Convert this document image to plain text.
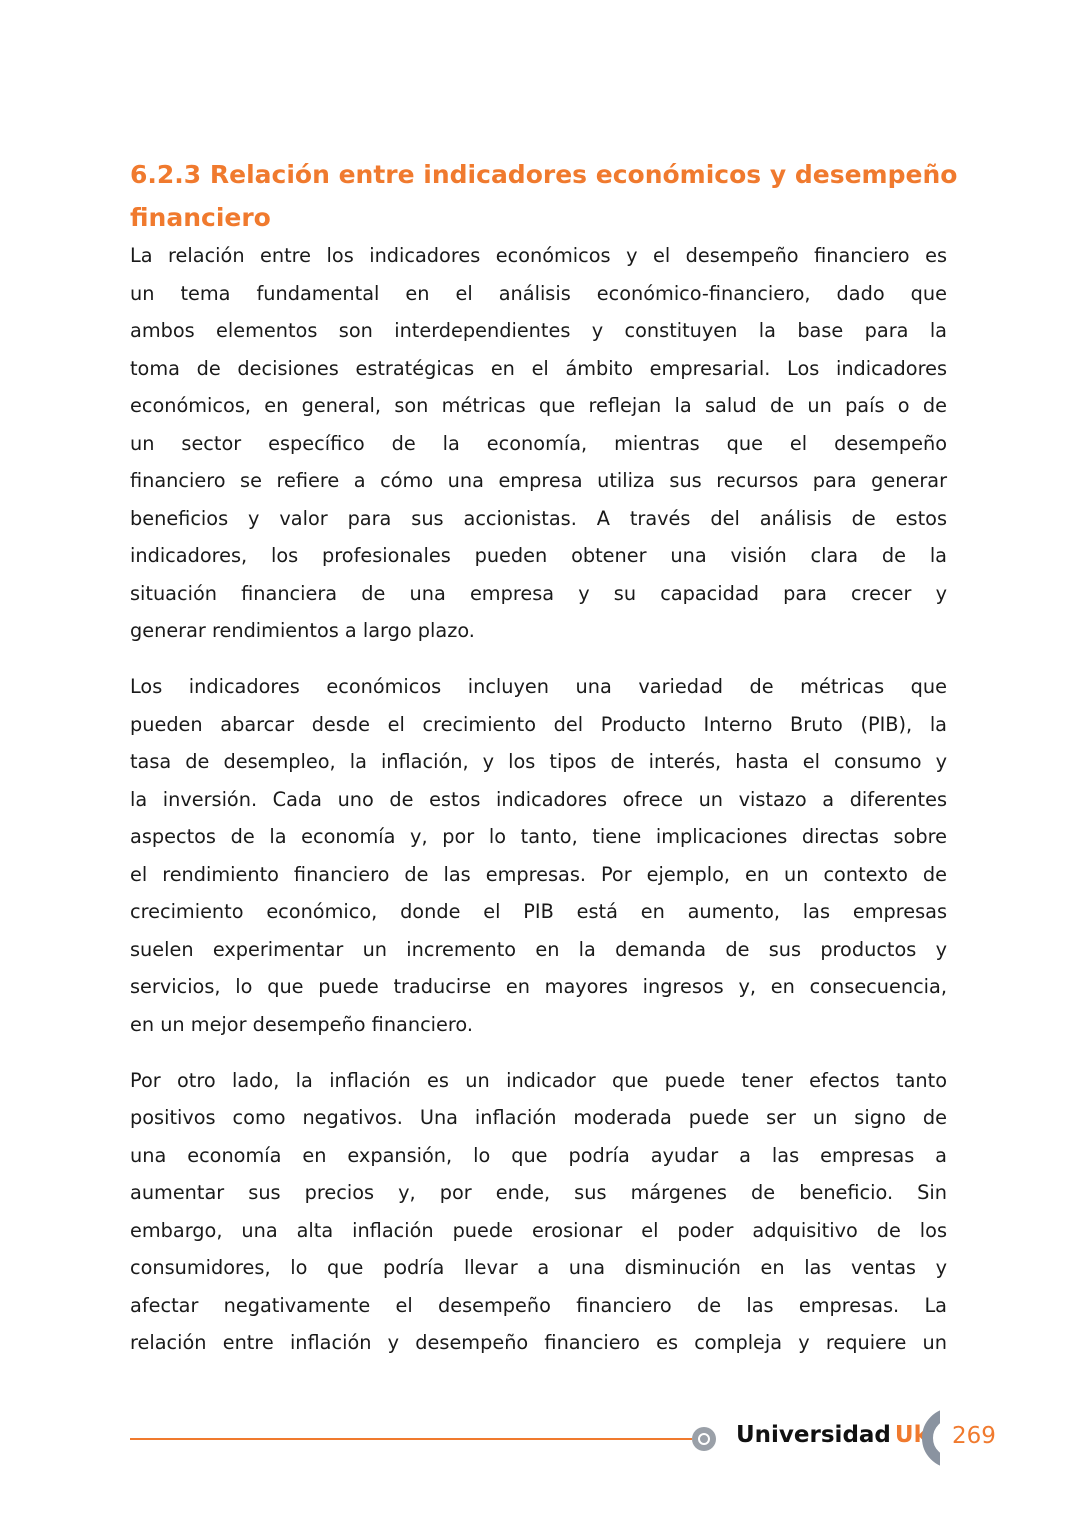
6.2.3 Relación entre indicadores económicos y desempeño
financiero
La relación entre los indicadores económicos y el desempeño financiero es
un tema fundamental en el análisis económico-financiero, dado que
ambos elementos son interdependientes y constituyen la base para la
toma de decisiones estratégicas en el ámbito empresarial. Los indicadores
económicos, en general, son métricas que reflejan la salud de un país o de
un sector específico de la economía, mientras que el desempeño
financiero se refiere a cómo una empresa utiliza sus recursos para generar
beneficios y valor para sus accionistas. A través del análisis de estos
indicadores, los profesionales pueden obtener una visión clara de la
situación financiera de una empresa y su capacidad para crecer y
generar rendimientos a largo plazo.
Los indicadores económicos incluyen una variedad de métricas que
pueden abarcar desde el crecimiento del Producto Interno Bruto (PIB), la
tasa de desempleo, la inflación, y los tipos de interés, hasta el consumo y
la inversión. Cada uno de estos indicadores ofrece un vistazo a diferentes
aspectos de la economía y, por lo tanto, tiene implicaciones directas sobre
el rendimiento financiero de las empresas. Por ejemplo, en un contexto de
crecimiento económico, donde el PIB está en aumento, las empresas
suelen experimentar un incremento en la demanda de sus productos y
servicios, lo que puede traducirse en mayores ingresos y, en consecuencia,
en un mejor desempeño financiero.
Por otro lado, la inflación es un indicador que puede tener efectos tanto
positivos como negativos. Una inflación moderada puede ser un signo de
una economía en expansión, lo que podría ayudar a las empresas a
aumentar sus precios y, por ende, sus márgenes de beneficio. Sin
embargo, una alta inflación puede erosionar el poder adquisitivo de los
consumidores, lo que podría llevar a una disminución en las ventas y
afectar negativamente el desempeño financiero de las empresas. La
relación entre inflación y desempeño financiero es compleja y requiere un
Universidad Uk 269
